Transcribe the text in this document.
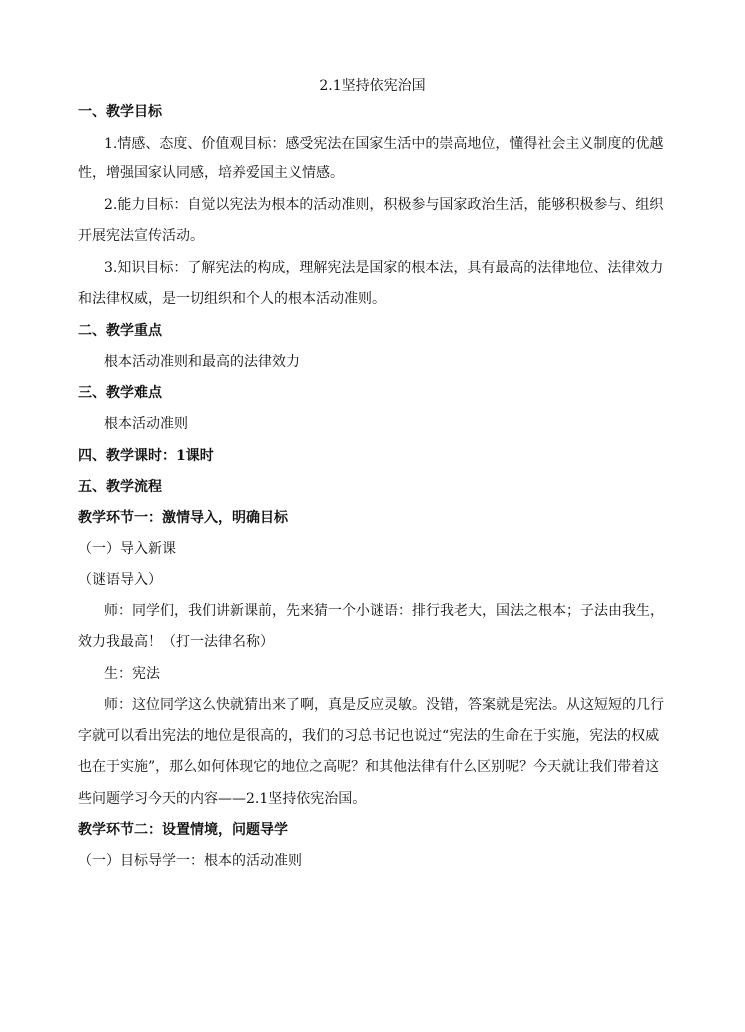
2.1坚持依宪治国
一、教学目标
1.情感、态度、价值观目标：感受宪法在国家生活中的崇高地位，懂得社会主义制度的优越
性，增强国家认同感，培养爱国主义情感。
2.能力目标：自觉以宪法为根本的活动准则，积极参与国家政治生活，能够积极参与、组织
开展宪法宣传活动。
3.知识目标：了解宪法的构成，理解宪法是国家的根本法，具有最高的法律地位、法律效力
和法律权威，是一切组织和个人的根本活动准则。
二、教学重点
根本活动准则和最高的法律效力
三、教学难点
根本活动准则
四、教学课时：1课时
五、教学流程
教学环节一：激情导入，明确目标
（一）导入新课
（谜语导入）
师：同学们，我们讲新课前，先来猜一个小谜语：排行我老大，国法之根本；子法由我生，
效力我最高！（打一法律名称）
生：宪法
师：这位同学这么快就猜出来了啊，真是反应灵敏。没错，答案就是宪法。从这短短的几行
字就可以看出宪法的地位是很高的，我们的习总书记也说过“宪法的生命在于实施，宪法的权威
也在于实施”，那么如何体现它的地位之高呢？和其他法律有什么区别呢？今天就让我们带着这
些问题学习今天的内容——2.1坚持依宪治国。
教学环节二：设置情境，问题导学
（一）目标导学一：根本的活动准则
